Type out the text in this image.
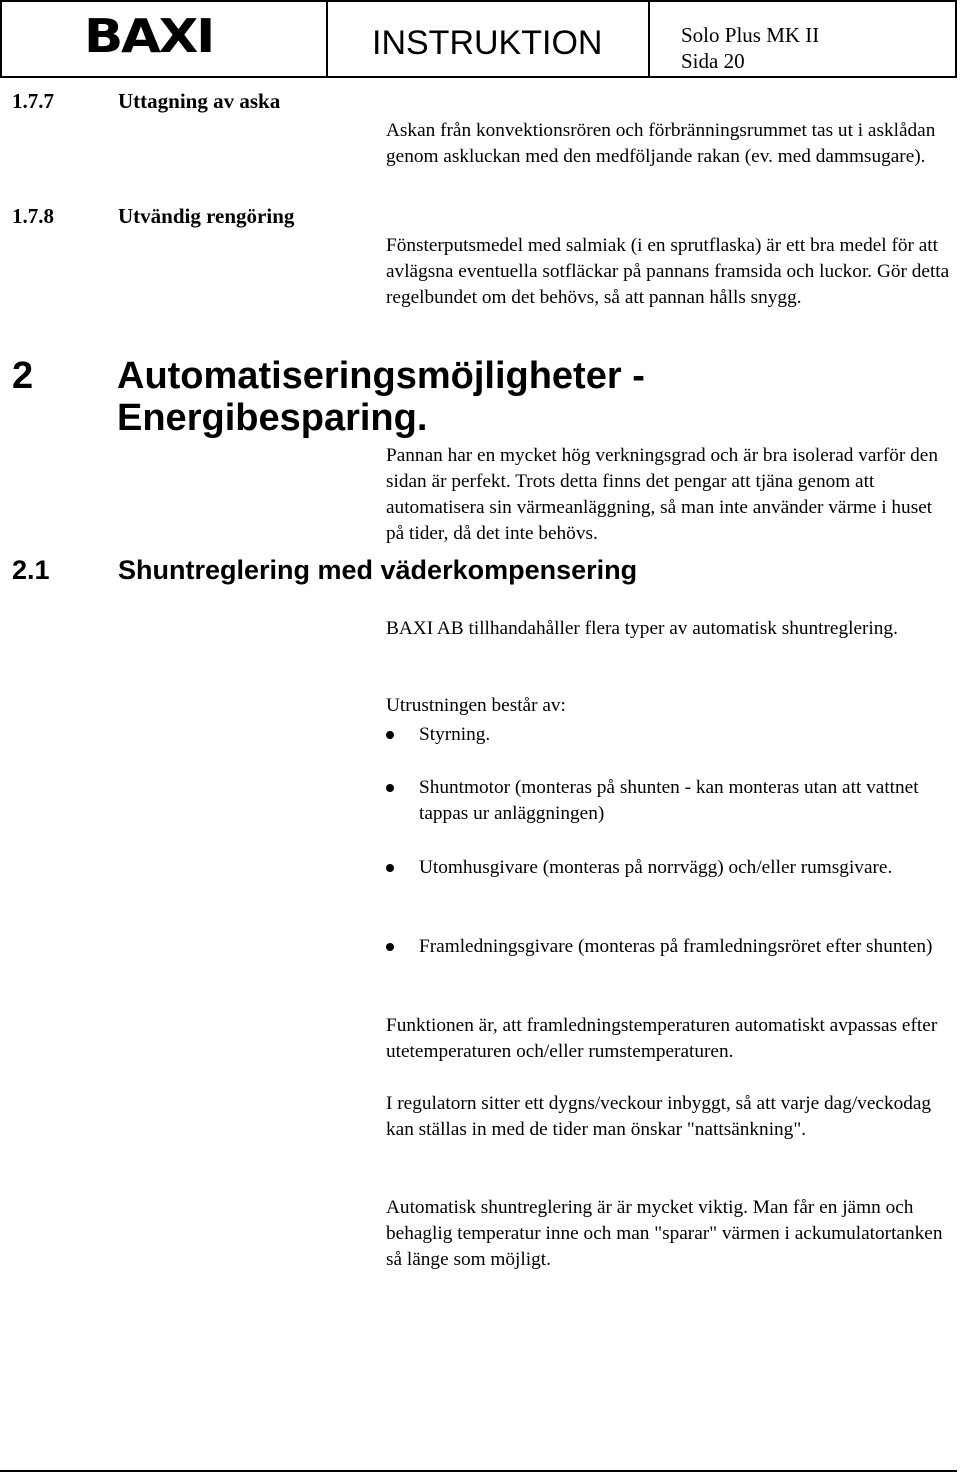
BAXI	INSTRUKTION	Solo Plus MK II
Sida 20
1.7.7	Uttagning av aska

Askan från konvektionsrören och förbränningsrummet tas ut i asklådan genom askluckan med den medföljande rakan (ev. med dammsugare).

1.7.8	Utvändig rengöring

Fönsterputsmedel med salmiak (i en sprutflaska) är ett bra medel för att avlägsna eventuella sotfläckar på pannans framsida och luckor. Gör detta regelbundet om det behövs, så att pannan hålls snygg.

2 Automatiseringsmöjligheter - Energibesparing.

Pannan har en mycket hög verkningsgrad och är bra isolerad varför den sidan är perfekt. Trots detta finns det pengar att tjäna genom att automatisera sin värmeanläggning, så man inte använder värme i huset på tider, då det inte behövs.

2.1	Shuntreglering med väderkompensering

BAXI AB tillhandahåller flera typer av automatisk shuntreglering.

Utrustningen består av:

Styrning.
Shuntmotor (monteras på shunten - kan monteras utan att vattnet tappas ur anläggningen)
Utomhusgivare (monteras på norrvägg) och/eller rumsgivare.
Framledningsgivare (monteras på framledningsröret efter shunten)

Funktionen är, att framledningstemperaturen automatiskt avpassas efter utetemperaturen och/eller rumstemperaturen.

I regulatorn sitter ett dygns/veckour inbyggt, så att varje dag/veckodag kan ställas in med de tider man önskar "nattsänkning".

Automatisk shuntreglering är är mycket viktig. Man får en jämn och behaglig temperatur inne och man "sparar" värmen i ackumulatortanken så länge som möjligt.
